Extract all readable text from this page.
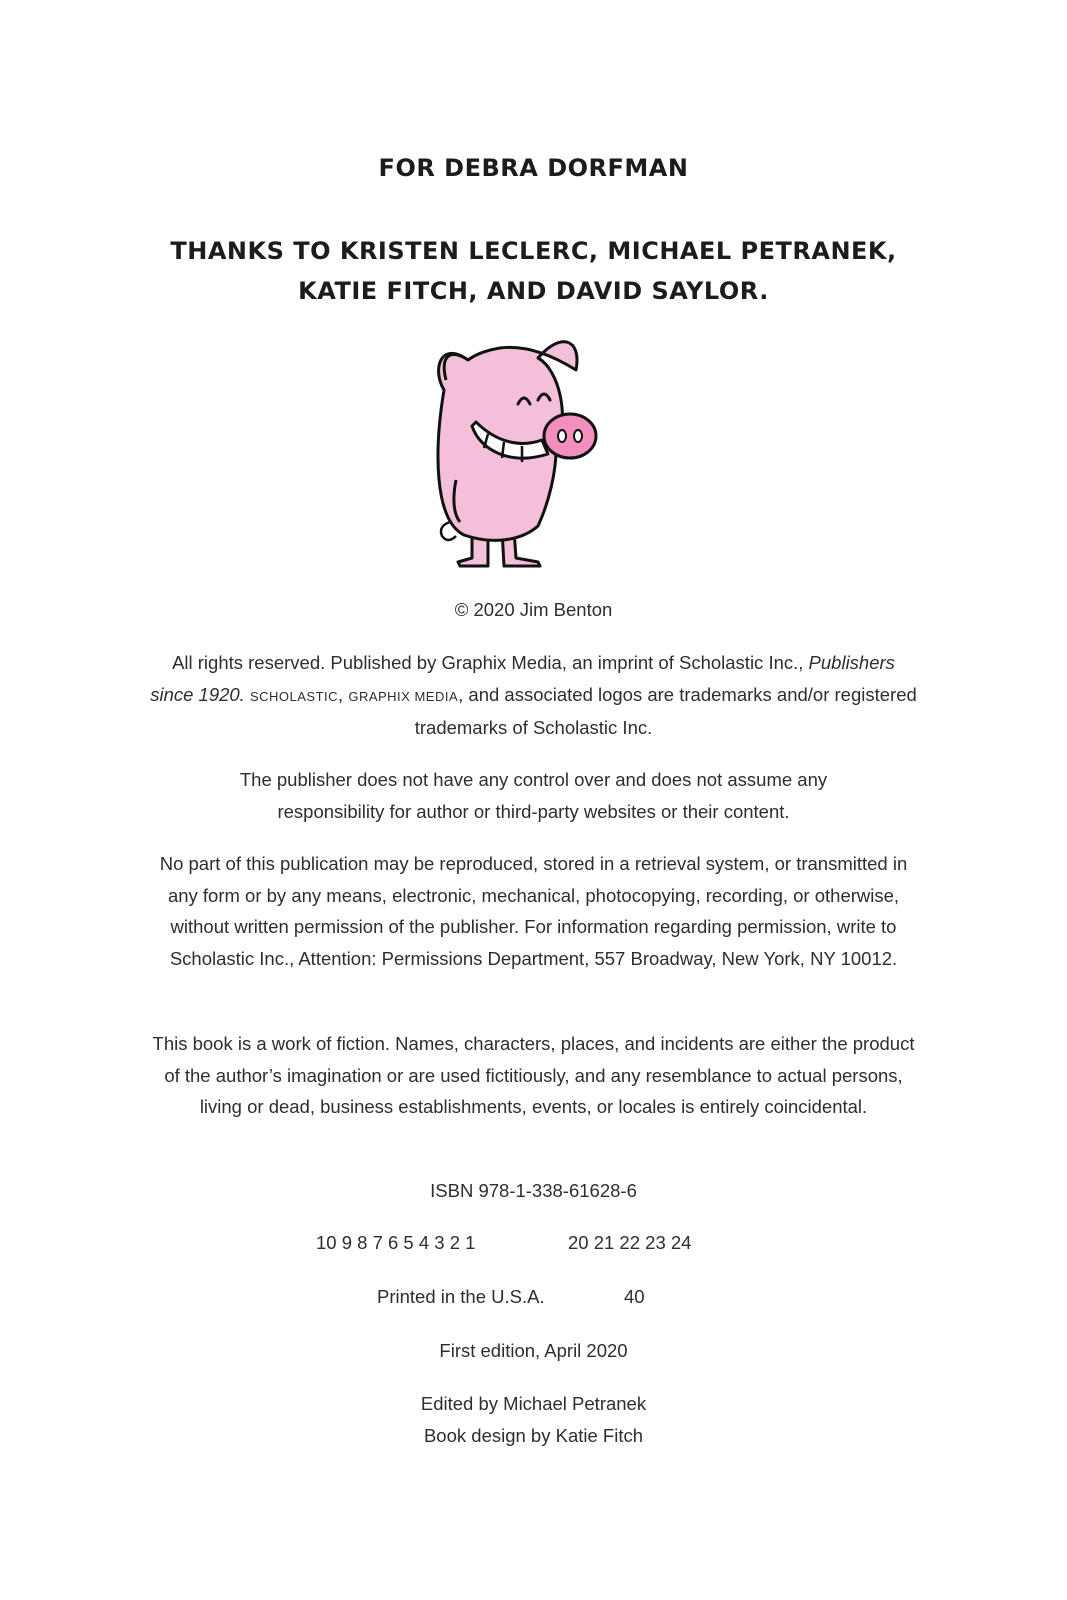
FOR DEBRA DORFMAN
THANKS TO KRISTEN LECLERC, MICHAEL PETRANEK,
KATIE FITCH, AND DAVID SAYLOR.
© 2020 Jim Benton
All rights reserved. Published by Graphix Media, an imprint of Scholastic Inc., Publishers since 1920. SCHOLASTIC, GRAPHIX MEDIA, and associated logos are trademarks and/or registered trademarks of Scholastic Inc.
The publisher does not have any control over and does not assume any responsibility for author or third-party websites or their content.
No part of this publication may be reproduced, stored in a retrieval system, or transmitted in any form or by any means, electronic, mechanical, photocopying, recording, or otherwise, without written permission of the publisher. For information regarding permission, write to Scholastic Inc., Attention: Permissions Department, 557 Broadway, New York, NY 10012.
This book is a work of fiction. Names, characters, places, and incidents are either the product of the author’s imagination or are used fictitiously, and any resemblance to actual persons, living or dead, business establishments, events, or locales is entirely coincidental.
ISBN 978-1-338-61628-6
10 9 8 7 6 5 4 3 2 1	20 21 22 23 24
Printed in the U.S.A.	40
First edition, April 2020
Edited by Michael Petranek
Book design by Katie Fitch
